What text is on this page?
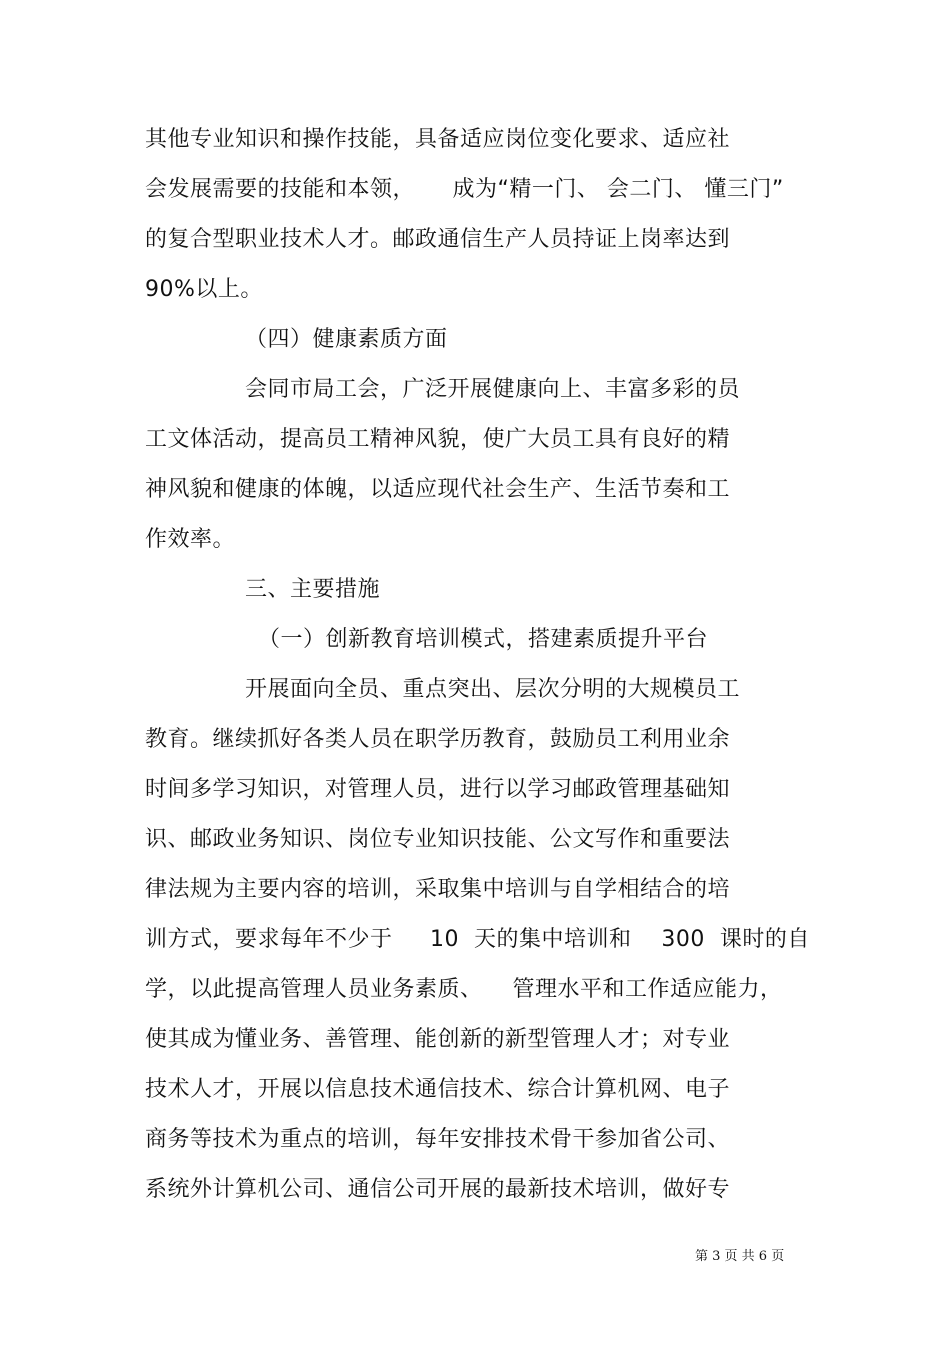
其他专业知识和操作技能，具备适应岗位变化要求、适应社
会发展需要的技能和本领，     成为“精一门、 会二门、 懂三门”
的复合型职业技术人才。邮政通信生产人员持证上岗率达到
90%以上。
（四）健康素质方面
会同市局工会，广泛开展健康向上、丰富多彩的员
工文体活动，提高员工精神风貌，使广大员工具有良好的精
神风貌和健康的体魄，以适应现代社会生产、生活节奏和工
作效率。
三、主要措施
（一）创新教育培训模式，搭建素质提升平台
开展面向全员、重点突出、层次分明的大规模员工
教育。继续抓好各类人员在职学历教育，鼓励员工利用业余
时间多学习知识，对管理人员，进行以学习邮政管理基础知
识、邮政业务知识、岗位专业知识技能、公文写作和重要法
律法规为主要内容的培训，采取集中培训与自学相结合的培
训方式，要求每年不少于     10  天的集中培训和    300  课时的自
学，以此提高管理人员业务素质、    管理水平和工作适应能力，
使其成为懂业务、善管理、能创新的新型管理人才；对专业
技术人才，开展以信息技术通信技术、综合计算机网、电子
商务等技术为重点的培训，每年安排技术骨干参加省公司、
系统外计算机公司、通信公司开展的最新技术培训，做好专
第 3 页 共 6 页
